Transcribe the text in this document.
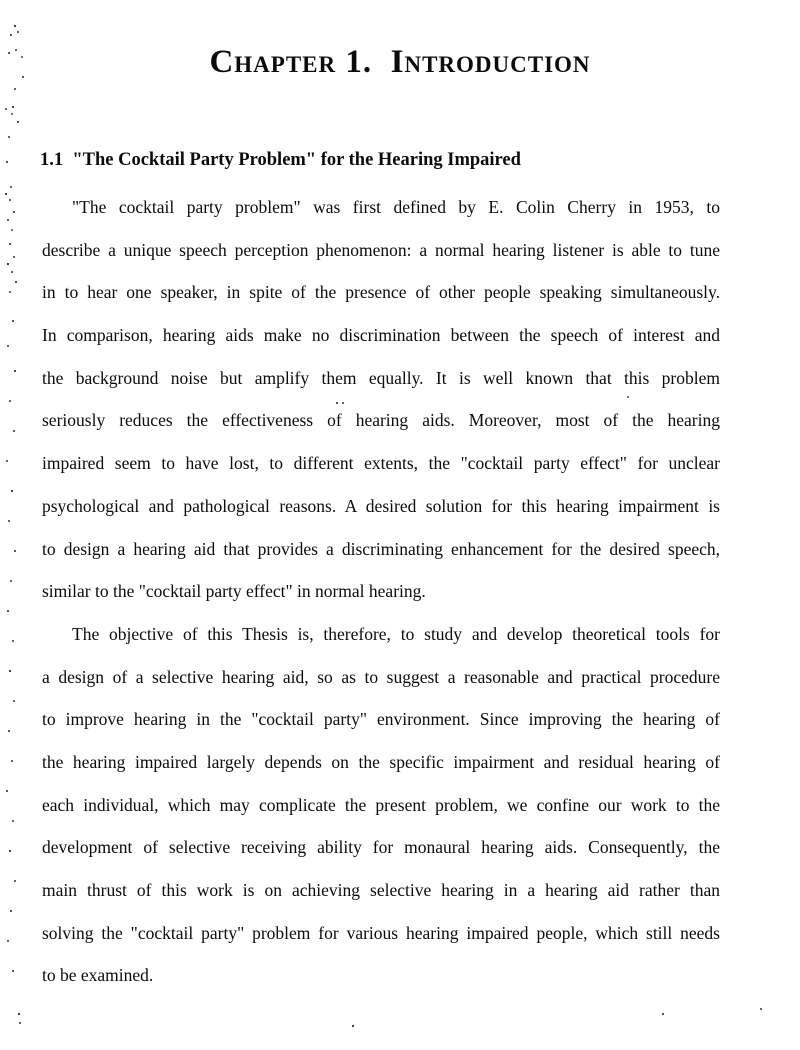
Chapter 1.  Introduction
1.1  "The Cocktail Party Problem" for the Hearing Impaired
"The cocktail party problem" was first defined by E. Colin Cherry in 1953, to
describe a unique speech perception phenomenon: a normal hearing listener is able to tune
in to hear one speaker, in spite of the presence of other people speaking simultaneously.
In comparison, hearing aids make no discrimination between the speech of interest and
the background noise but amplify them equally. It is well known that this problem
seriously reduces the effectiveness of hearing aids. Moreover, most of the hearing
impaired seem to have lost, to different extents, the "cocktail party effect" for unclear
psychological and pathological reasons. A desired solution for this hearing impairment is
to design a hearing aid that provides a discriminating enhancement for the desired speech,
similar to the "cocktail party effect" in normal hearing.
The objective of this Thesis is, therefore, to study and develop theoretical tools for
a design of a selective hearing aid, so as to suggest a reasonable and practical procedure
to improve hearing in the "cocktail party" environment. Since improving the hearing of
the hearing impaired largely depends on the specific impairment and residual hearing of
each individual, which may complicate the present problem, we confine our work to the
development of selective receiving ability for monaural hearing aids. Consequently, the
main thrust of this work is on achieving selective hearing in a hearing aid rather than
solving the "cocktail party" problem for various hearing impaired people, which still needs
to be examined.
